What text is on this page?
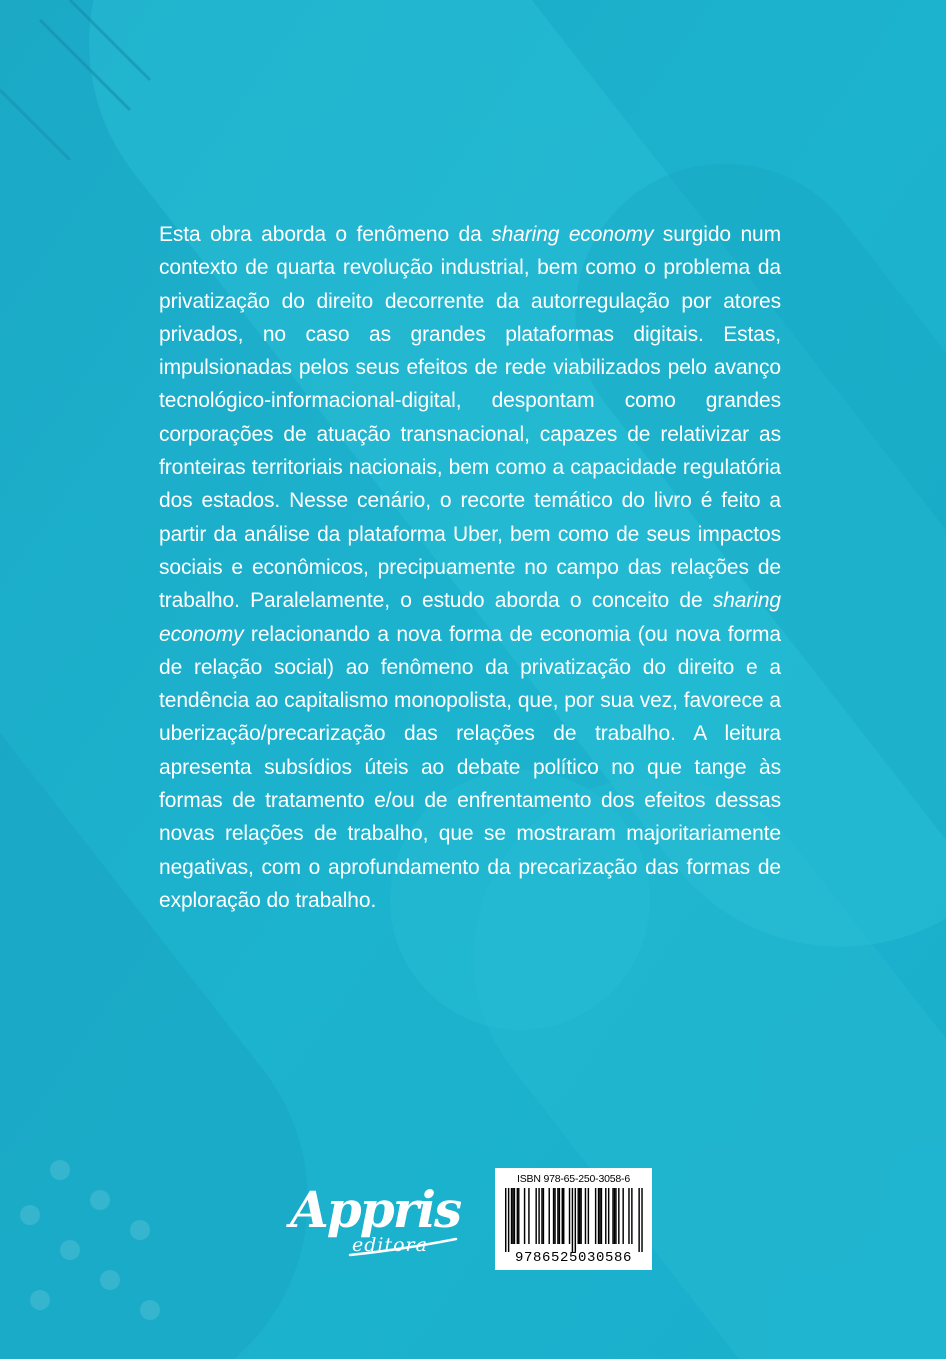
Esta obra aborda o fenômeno da sharing economy surgido num contexto de quarta revolução industrial, bem como o problema da privatização do direito decorrente da autorregulação por atores privados, no caso as grandes plataformas digitais. Estas, impulsionadas pelos seus efeitos de rede viabilizados pelo avanço tecnológico-informacional-digital, despontam como grandes corporações de atuação transnacional, capazes de relativizar as fronteiras territoriais nacionais, bem como a capacidade regulatória dos estados. Nesse cenário, o recorte temático do livro é feito a partir da análise da plataforma Uber, bem como de seus impactos sociais e econômicos, precipuamente no campo das relações de trabalho. Paralelamente, o estudo aborda o conceito de sharing economy relacionando a nova forma de economia (ou nova forma de relação social) ao fenômeno da privatização do direito e a tendência ao capitalismo monopolista, que, por sua vez, favorece a uberização/precarização das relações de trabalho. A leitura apresenta subsídios úteis ao debate político no que tange às formas de tratamento e/ou de enfrentamento dos efeitos dessas novas relações de trabalho, que se mostraram majoritariamente negativas, com o aprofundamento da precarização das formas de exploração do trabalho.

Appris
editora
ISBN 978-65-250-3058-6
9786525030586
